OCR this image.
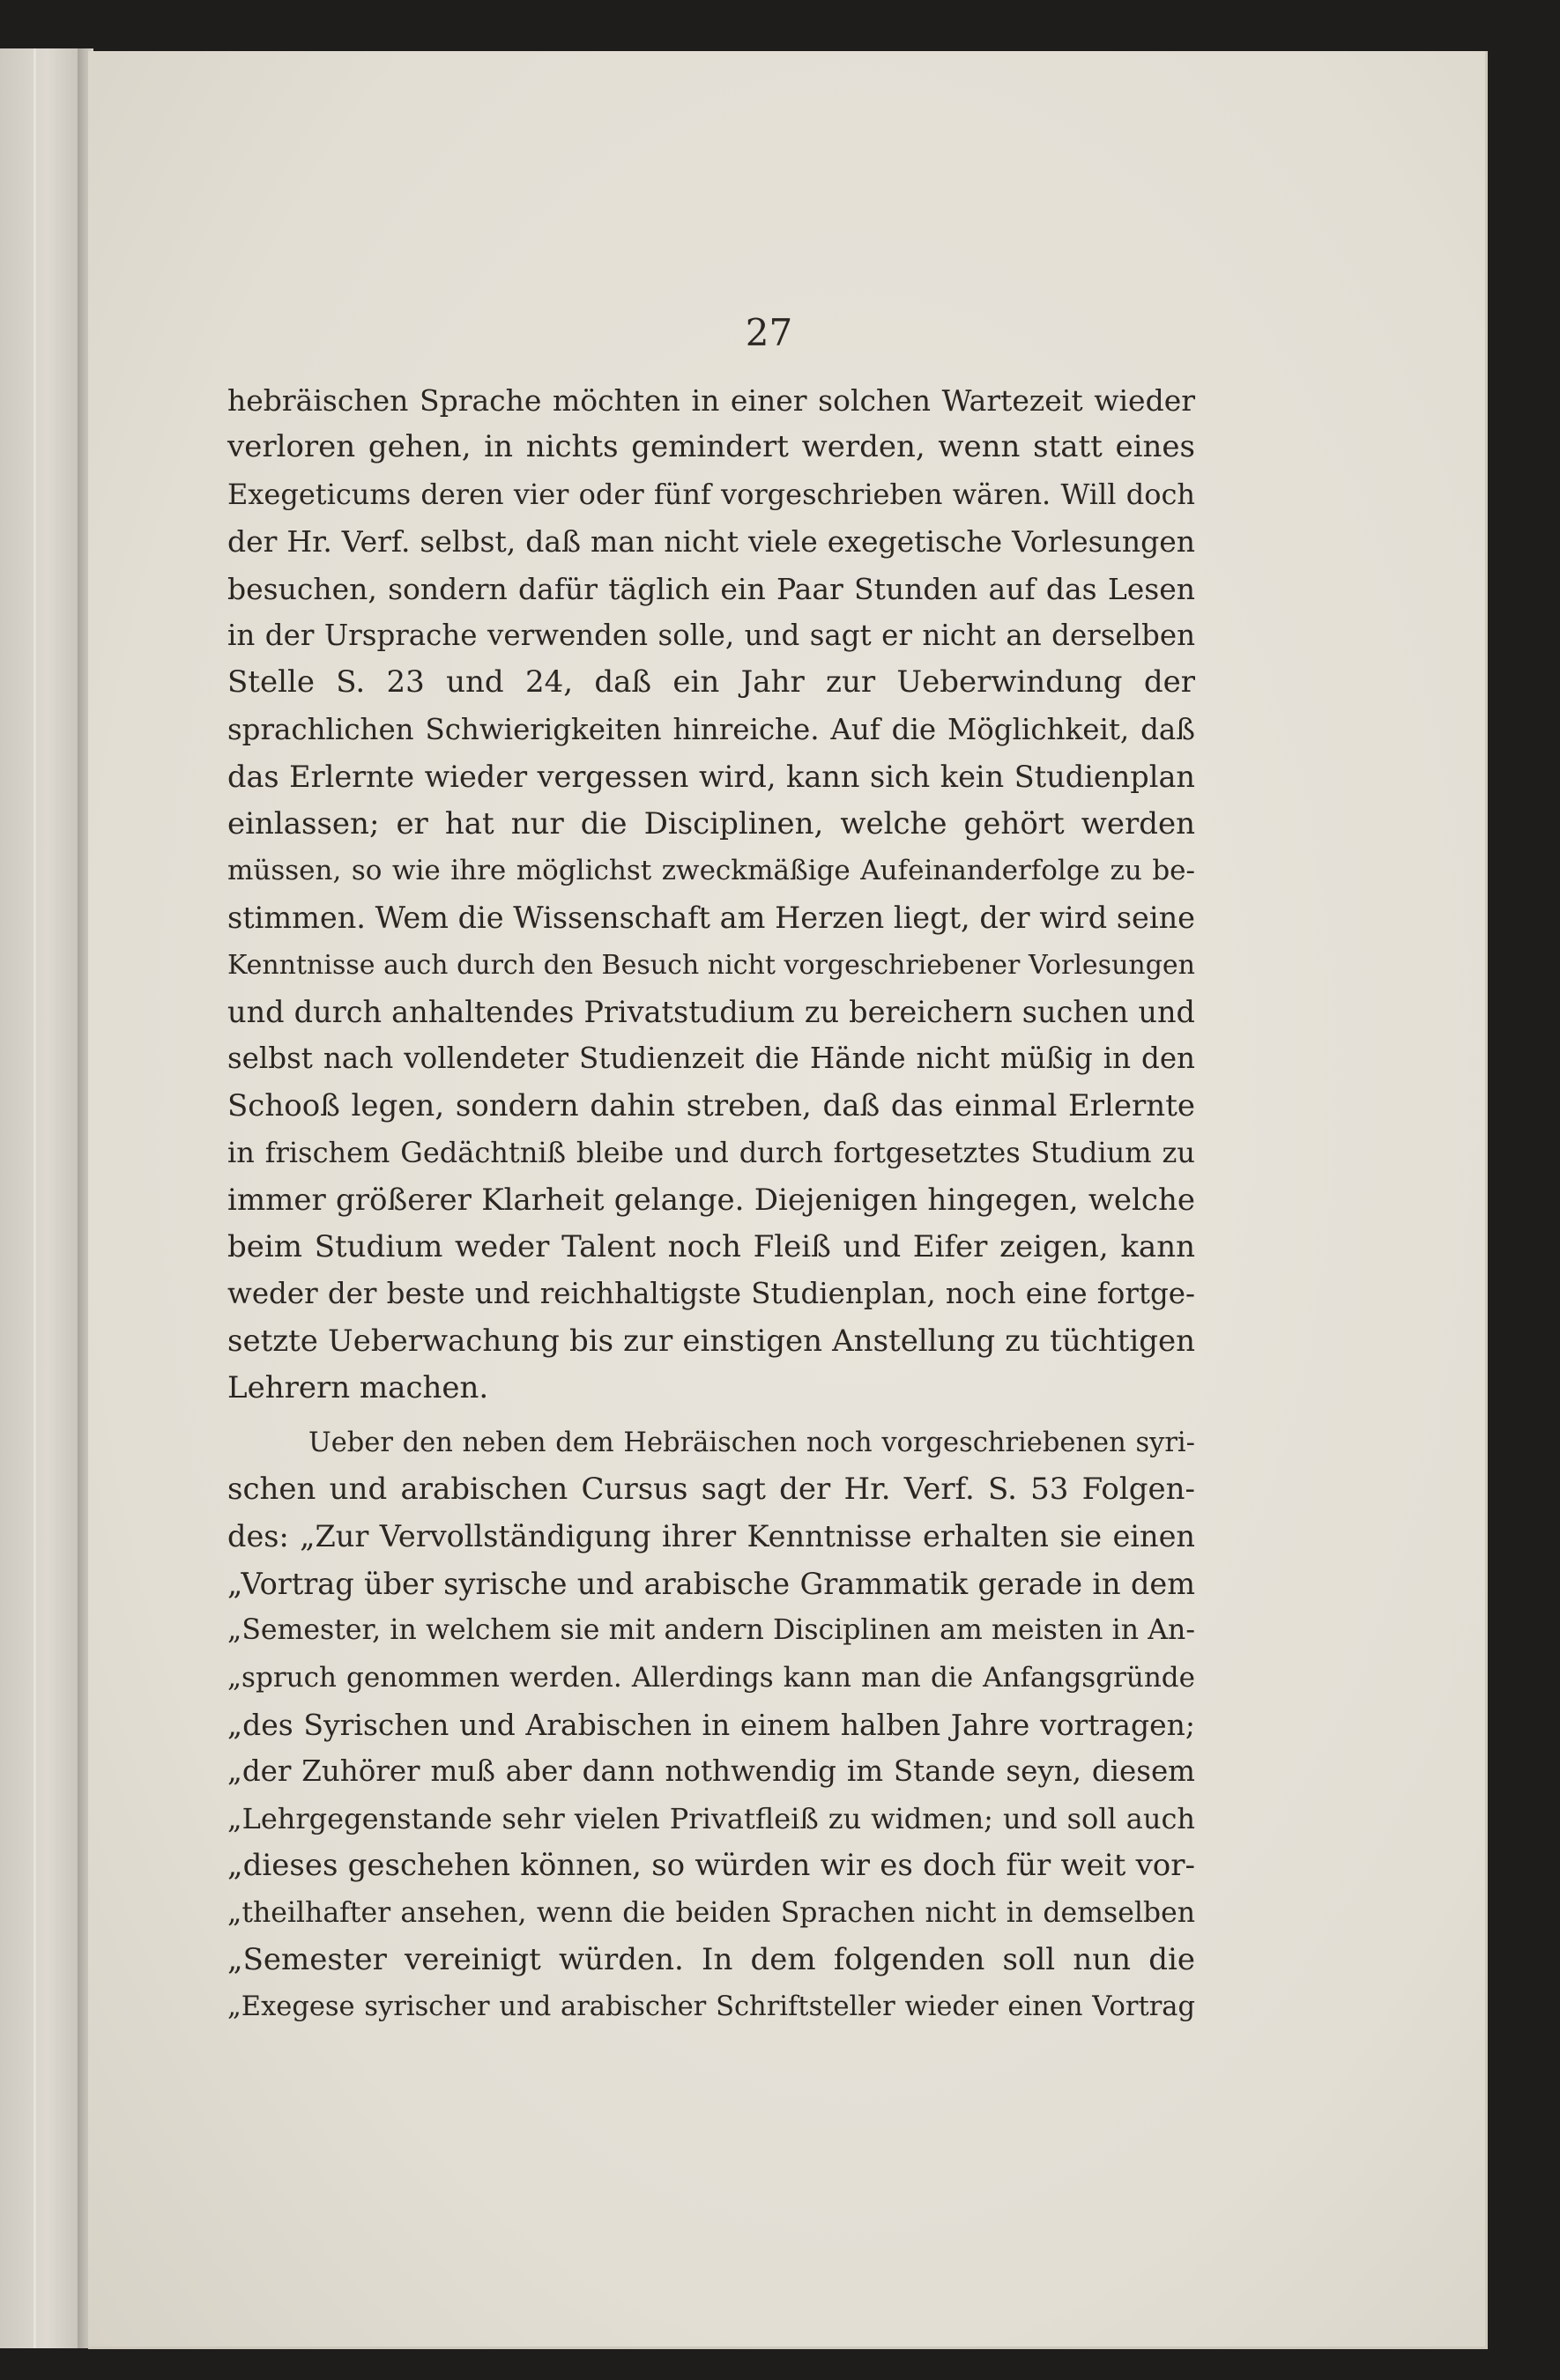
27
hebräischen Sprache möchten in einer solchen Wartezeit wieder
verloren gehen, in nichts gemindert werden, wenn statt eines
Exegeticums deren vier oder fünf vorgeschrieben wären. Will doch
der Hr. Verf. selbst, daß man nicht viele exegetische Vorlesungen
besuchen, sondern dafür täglich ein Paar Stunden auf das Lesen
in der Ursprache verwenden solle, und sagt er nicht an derselben
Stelle S. 23 und 24, daß ein Jahr zur Ueberwindung der
sprachlichen Schwierigkeiten hinreiche. Auf die Möglichkeit, daß
das Erlernte wieder vergessen wird, kann sich kein Studienplan
einlassen; er hat nur die Disciplinen, welche gehört werden
müssen, so wie ihre möglichst zweckmäßige Aufeinanderfolge zu be-
stimmen. Wem die Wissenschaft am Herzen liegt, der wird seine
Kenntnisse auch durch den Besuch nicht vorgeschriebener Vorlesungen
und durch anhaltendes Privatstudium zu bereichern suchen und
selbst nach vollendeter Studienzeit die Hände nicht müßig in den
Schooß legen, sondern dahin streben, daß das einmal Erlernte
in frischem Gedächtniß bleibe und durch fortgesetztes Studium zu
immer größerer Klarheit gelange. Diejenigen hingegen, welche
beim Studium weder Talent noch Fleiß und Eifer zeigen, kann
weder der beste und reichhaltigste Studienplan, noch eine fortge-
setzte Ueberwachung bis zur einstigen Anstellung zu tüchtigen
Lehrern machen.
Ueber den neben dem Hebräischen noch vorgeschriebenen syri-
schen und arabischen Cursus sagt der Hr. Verf. S. 53 Folgen-
des: „Zur Vervollständigung ihrer Kenntnisse erhalten sie einen
„Vortrag über syrische und arabische Grammatik gerade in dem
„Semester, in welchem sie mit andern Disciplinen am meisten in An-
„spruch genommen werden. Allerdings kann man die Anfangsgründe
„des Syrischen und Arabischen in einem halben Jahre vortragen;
„der Zuhörer muß aber dann nothwendig im Stande seyn, diesem
„Lehrgegenstande sehr vielen Privatfleiß zu widmen; und soll auch
„dieses geschehen können, so würden wir es doch für weit vor-
„theilhafter ansehen, wenn die beiden Sprachen nicht in demselben
„Semester vereinigt würden. In dem folgenden soll nun die
„Exegese syrischer und arabischer Schriftsteller wieder einen Vortrag
